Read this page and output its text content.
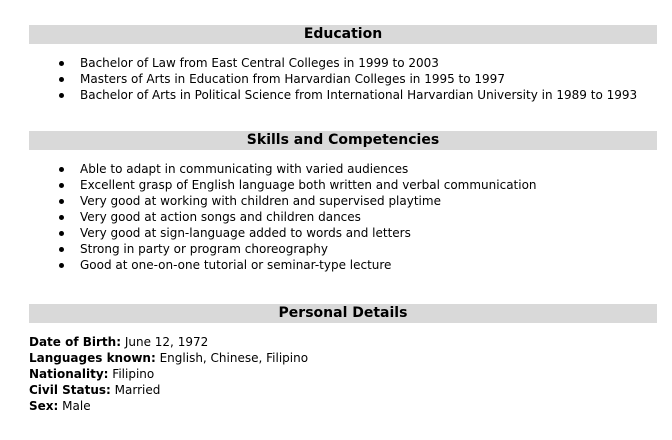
Education
Bachelor of Law from East Central Colleges in 1999 to 2003
Masters of Arts in Education from Harvardian Colleges in 1995 to 1997
Bachelor of Arts in Political Science from International Harvardian University in 1989 to 1993
Skills and Competencies
Able to adapt in communicating with varied audiences
Excellent grasp of English language both written and verbal communication
Very good at working with children and supervised playtime
Very good at action songs and children dances
Very good at sign-language added to words and letters
Strong in party or program choreography
Good at one-on-one tutorial or seminar-type lecture
Personal Details
Date of Birth: June 12, 1972
Languages known: English, Chinese, Filipino
Nationality: Filipino
Civil Status: Married
Sex: Male
